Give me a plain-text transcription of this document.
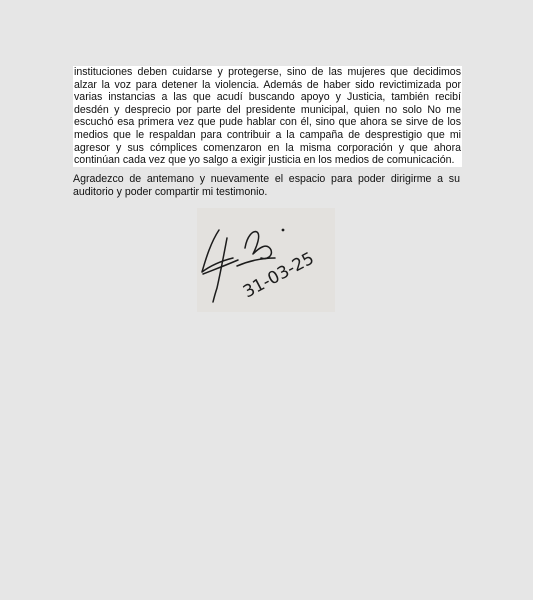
instituciones deben cuidarse y protegerse, sino de las mujeres que decidimos alzar la voz para detener la violencia. Además de haber sido revictimizada por varias instancias a las que acudí buscando apoyo y Justicia, también recibí desdén y desprecio por parte del presidente municipal, quien no solo No me escuchó esa primera vez que pude hablar con él, sino que ahora se sirve de los medios que le respaldan para contribuir a la campaña de desprestigio que mi agresor y sus cómplices comenzaron en la misma corporación y que ahora continúan cada vez que yo salgo a exigir justicia en los medios de comunicación.

Agradezco de antemano y nuevamente el espacio para poder dirigirme a su auditorio y poder compartir mi testimonio.

31-03-25
